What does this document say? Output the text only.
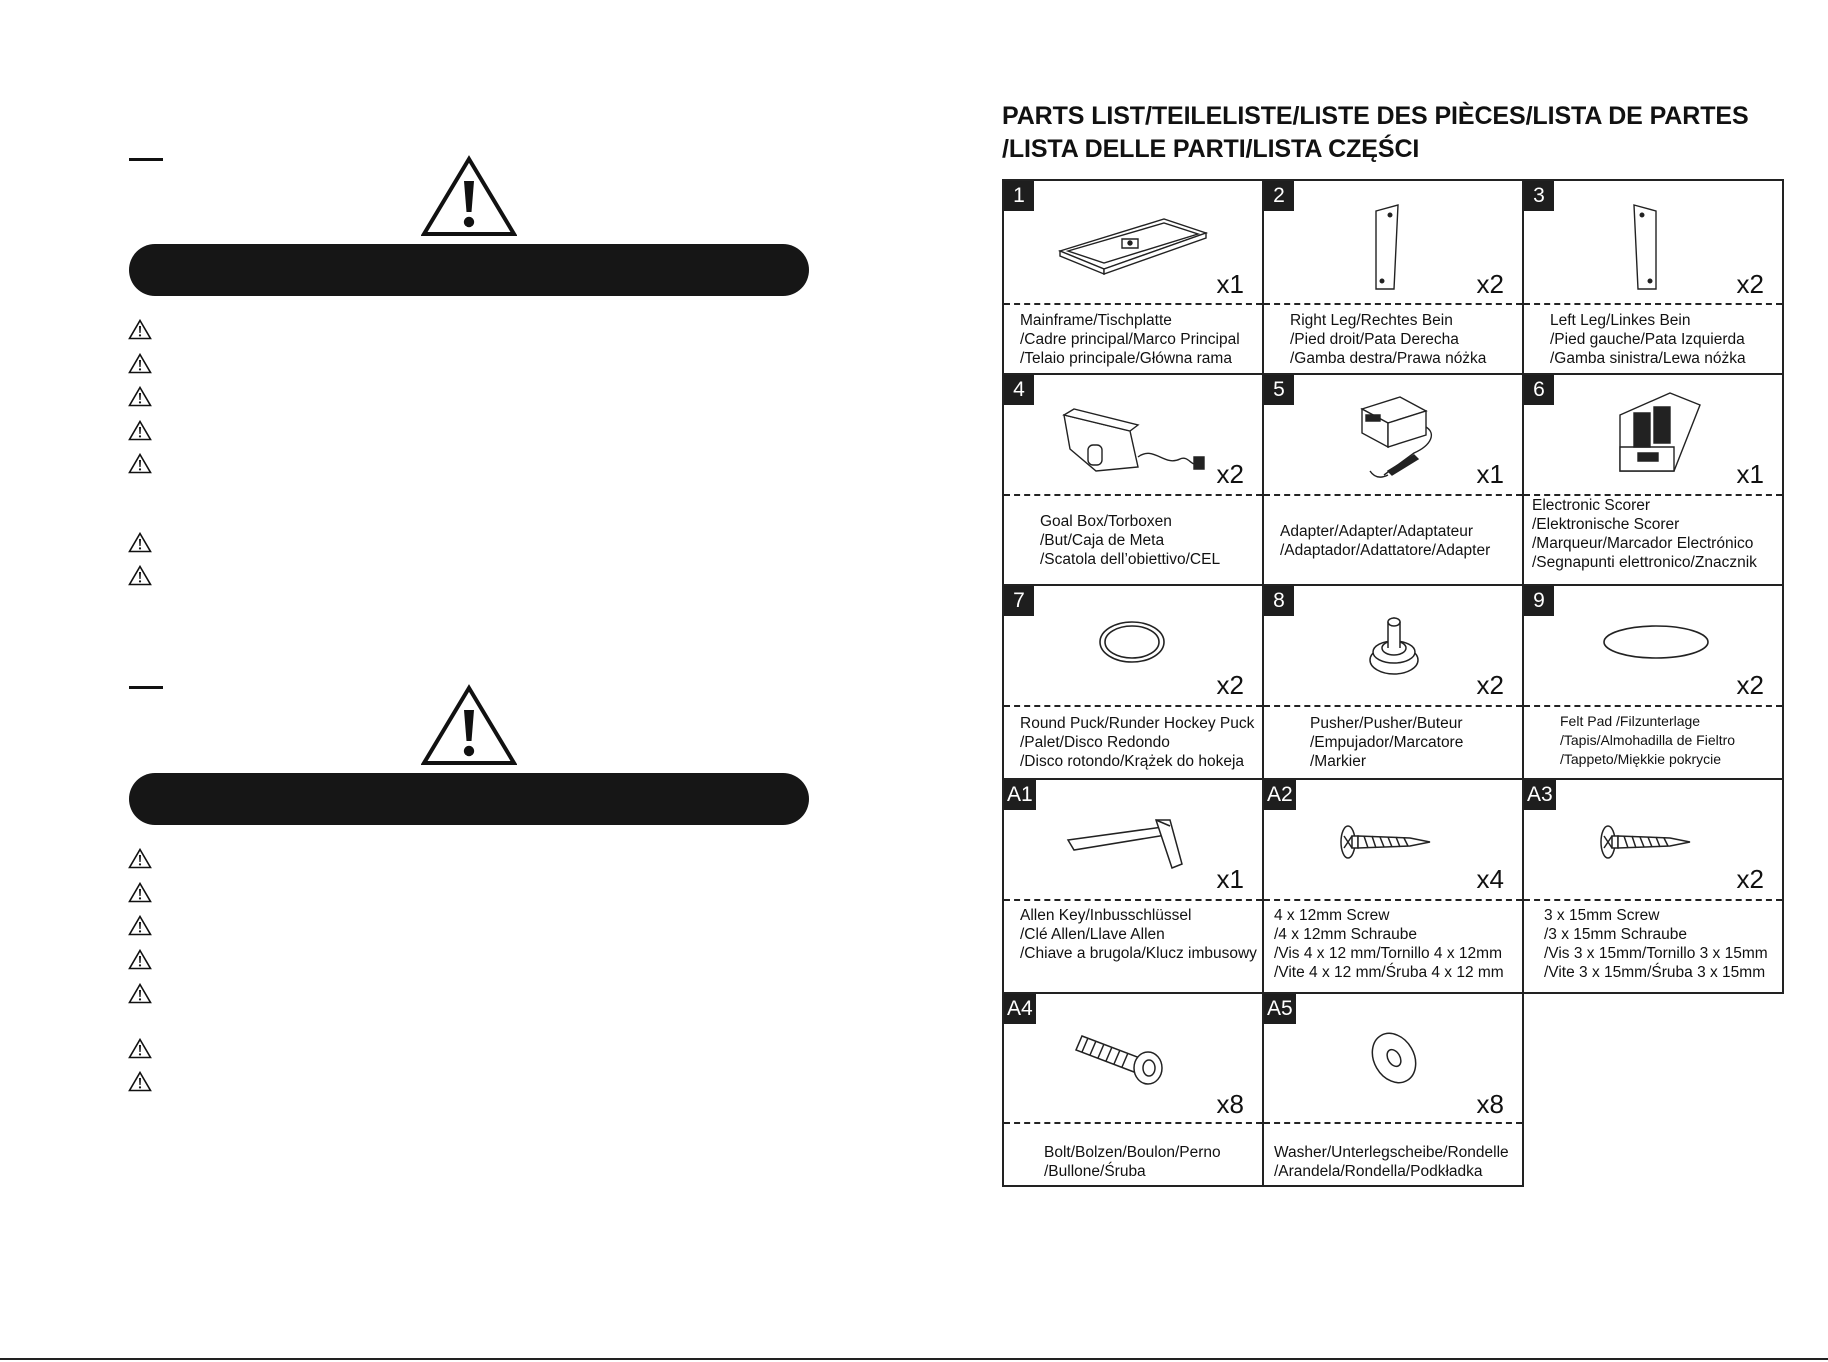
PARTS LIST/TEILELISTE/LISTE DES PIÈCES/LISTA DE PARTES
/LISTA DELLE PARTI/LISTA CZĘŚCI
1
x1
Mainframe/Tischplatte
/Cadre principal/Marco Principal
/Telaio principale/Główna rama
2
x2
Right Leg/Rechtes Bein
/Pied droit/Pata Derecha
/Gamba destra/Prawa nóżka
3
x2
Left Leg/Linkes Bein
/Pied gauche/Pata Izquierda
/Gamba sinistra/Lewa nóżka
4
x2
Goal Box/Torboxen
/But/Caja de Meta
/Scatola dell’obiettivo/CEL
5
x1
Adapter/Adapter/Adaptateur
/Adaptador/Adattatore/Adapter
6
x1
Electronic Scorer
/Elektronische Scorer
/Marqueur/Marcador Electrónico
/Segnapunti elettronico/Znacznik
7
x2
Round Puck/Runder Hockey Puck
/Palet/Disco Redondo
/Disco rotondo/Krążek do hokeja
8
x2
Pusher/Pusher/Buteur
/Empujador/Marcatore
/Markier
9
x2
Felt Pad /Filzunterlage
/Tapis/Almohadilla de Fieltro
/Tappeto/Miękkie pokrycie
A1
x1
Allen Key/Inbusschlüssel
/Clé Allen/Llave Allen
/Chiave a brugola/Klucz imbusowy
A2
x4
4 x 12mm Screw
/4 x 12mm Schraube
/Vis 4 x 12 mm/Tornillo 4 x 12mm
/Vite 4 x 12 mm/Śruba 4 x 12 mm
A3
x2
3 x 15mm Screw
/3 x 15mm Schraube
/Vis 3 x 15mm/Tornillo 3 x 15mm
/Vite 3 x 15mm/Śruba 3 x 15mm
A4
x8
Bolt/Bolzen/Boulon/Perno
/Bullone/Śruba
A5
x8
Washer/Unterlegscheibe/Rondelle
/Arandela/Rondella/Podkładka
